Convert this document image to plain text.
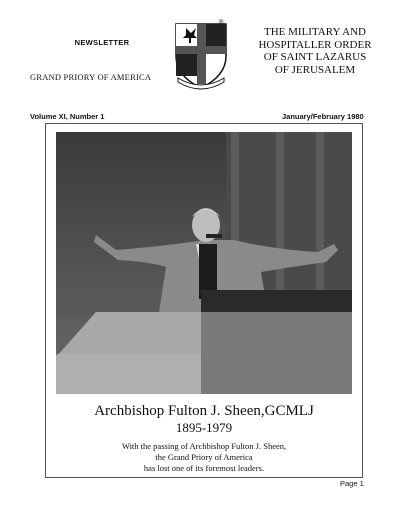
NEWSLETTER
GRAND PRIORY OF AMERICA
®
THE MILITARY AND
HOSPITALLER ORDER
OF SAINT LAZARUS
OF JERUSALEM
Volume XI, Number 1	January/February 1980
Archbishop Fulton J. Sheen,GCMLJ
1895-1979
With the passing of Archbishop Fulton J. Sheen,
the Grand Priory of America
has lost one of its foremost leaders.
Page 1
